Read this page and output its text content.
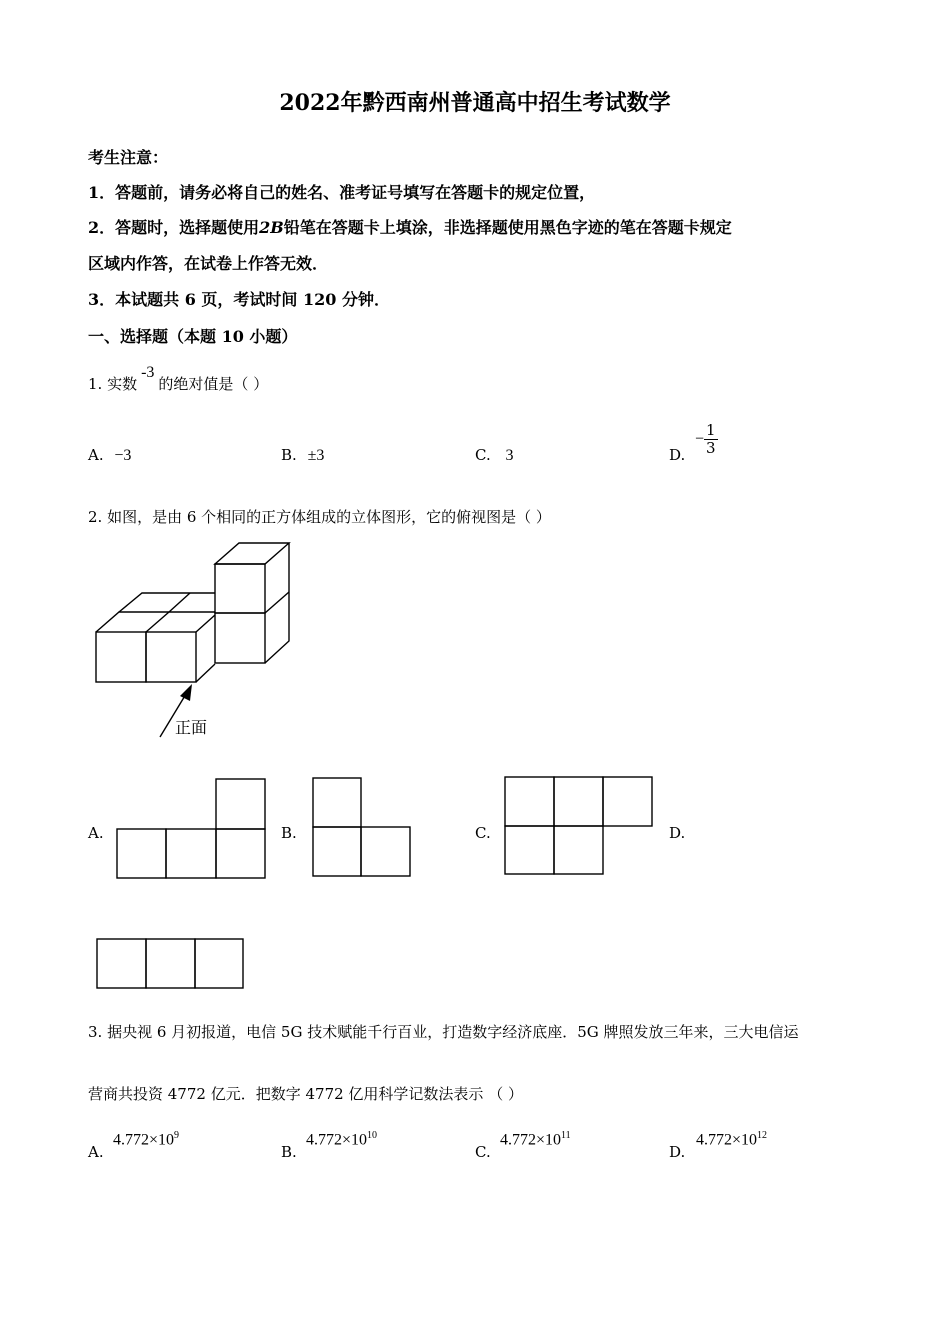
2022年黔西南州普通高中招生考试数学
考生注意：
1．答题前，请务必将自己的姓名、准考证号填写在答题卡的规定位置，
2．答题时，选择题使用2B铅笔在答题卡上填涂，非选择题使用黑色字迹的笔在答题卡规定
区域内作答，在试卷上作答无效．
3．本试题共 6 页，考试时间 120 分钟．
一、选择题（本题 10 小题）
1. 实数-3的绝对值是（ ）
A. −3	B. ±3	C. 3	D.
− $\frac{1}{3}$
2. 如图，是由 6 个相同的正方体组成的立体图形，它的俯视图是（ ）
正面
A.	B.	C.	D.
3. 据央视 6 月初报道，电信 5G 技术赋能千行百业，打造数字经济底座．5G 牌照发放三年来，三大电信运
营商共投资 4772 亿元．把数字 4772 亿用科学记数法表示 （ ）
A.
$4.772\times 10^9$
B.
$4.772\times 10^{10}$
C.
$4.772\times 10^{11}$
D.
$4.772\times 10^{12}$
